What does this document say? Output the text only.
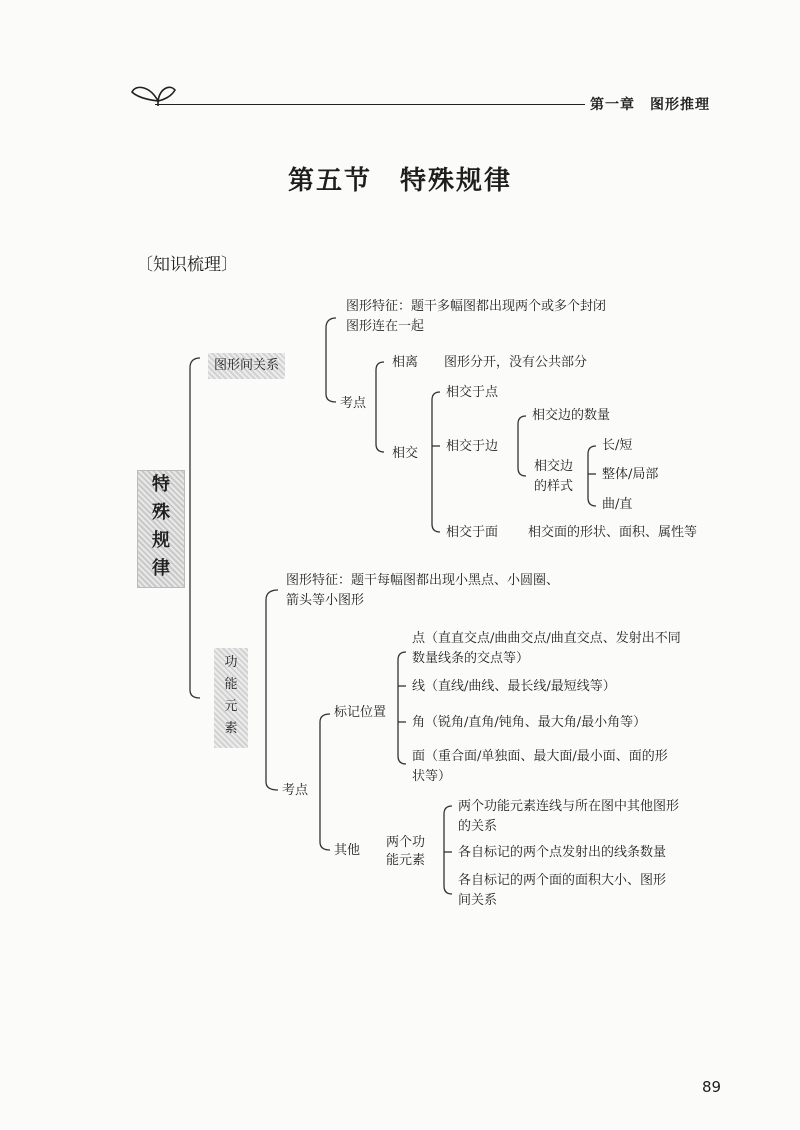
第一章　图形推理
第五节　特殊规律
〔知识梳理〕
特殊规律
图形间关系
图形特征：题干多幅图都出现两个或多个封闭
图形连在一起
考点
相离 图形分开，没有公共部分
相交
相交于点
相交于边
相交边的数量
相交边
的样式
长/短
整体/局部
曲/直
相交于面 相交面的形状、面积、属性等
功能元素
图形特征：题干每幅图都出现小黑点、小圆圈、
箭头等小图形
考点
标记位置
点（直直交点/曲曲交点/曲直交点、发射出不同
数量线条的交点等）
线（直线/曲线、最长线/最短线等）
角（锐角/直角/钝角、最大角/最小角等）
面（重合面/单独面、最大面/最小面、面的形
状等）
其他
两个功
能元素
两个功能元素连线与所在图中其他图形
的关系
各自标记的两个点发射出的线条数量
各自标记的两个面的面积大小、图形
间关系
89
